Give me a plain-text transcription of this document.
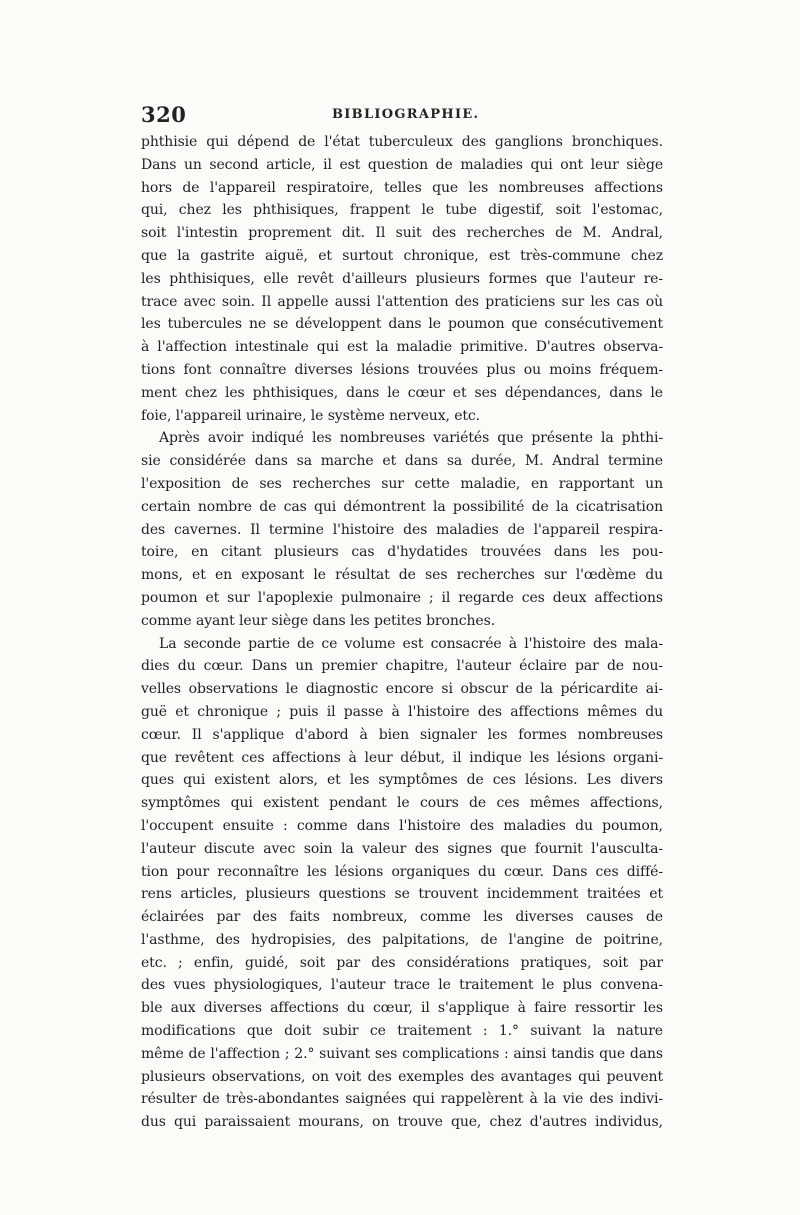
320	BIBLIOGRAPHIE.
phthisie qui dépend de l'état tuberculeux des ganglions bronchiques.
Dans un second article, il est question de maladies qui ont leur siège
hors de l'appareil respiratoire, telles que les nombreuses affections
qui, chez les phthisiques, frappent le tube digestif, soit l'estomac,
soit l'intestin proprement dit. Il suit des recherches de M. Andral,
que la gastrite aiguë, et surtout chronique, est très-commune chez
les phthisiques, elle revêt d'ailleurs plusieurs formes que l'auteur re-
trace avec soin. Il appelle aussi l'attention des praticiens sur les cas où
les tubercules ne se développent dans le poumon que consécutivement
à l'affection intestinale qui est la maladie primitive. D'autres observa-
tions font connaître diverses lésions trouvées plus ou moins fréquem-
ment chez les phthisiques, dans le cœur et ses dépendances, dans le
foie, l'appareil urinaire, le système nerveux, etc.
Après avoir indiqué les nombreuses variétés que présente la phthi-
sie considérée dans sa marche et dans sa durée, M. Andral termine
l'exposition de ses recherches sur cette maladie, en rapportant un
certain nombre de cas qui démontrent la possibilité de la cicatrisation
des cavernes. Il termine l'histoire des maladies de l'appareil respira-
toire, en citant plusieurs cas d'hydatides trouvées dans les pou-
mons, et en exposant le résultat de ses recherches sur l'œdème du
poumon et sur l'apoplexie pulmonaire ; il regarde ces deux affections
comme ayant leur siège dans les petites bronches.
La seconde partie de ce volume est consacrée à l'histoire des mala-
dies du cœur. Dans un premier chapitre, l'auteur éclaire par de nou-
velles observations le diagnostic encore si obscur de la péricardite ai-
guë et chronique ; puis il passe à l'histoire des affections mêmes du
cœur. Il s'applique d'abord à bien signaler les formes nombreuses
que revêtent ces affections à leur début, il indique les lésions organi-
ques qui existent alors, et les symptômes de ces lésions. Les divers
symptômes qui existent pendant le cours de ces mêmes affections,
l'occupent ensuite : comme dans l'histoire des maladies du poumon,
l'auteur discute avec soin la valeur des signes que fournit l'ausculta-
tion pour reconnaître les lésions organiques du cœur. Dans ces diffé-
rens articles, plusieurs questions se trouvent incidemment traitées et
éclairées par des faits nombreux, comme les diverses causes de
l'asthme, des hydropisies, des palpitations, de l'angine de poitrine,
etc. ; enfin, guidé, soit par des considérations pratiques, soit par
des vues physiologiques, l'auteur trace le traitement le plus convena-
ble aux diverses affections du cœur, il s'applique à faire ressortir les
modifications que doit subir ce traitement : 1.° suivant la nature
même de l'affection ; 2.° suivant ses complications : ainsi tandis que dans
plusieurs observations, on voit des exemples des avantages qui peuvent
résulter de très-abondantes saignées qui rappelèrent à la vie des indivi-
dus qui paraissaient mourans, on trouve que, chez d'autres individus,
